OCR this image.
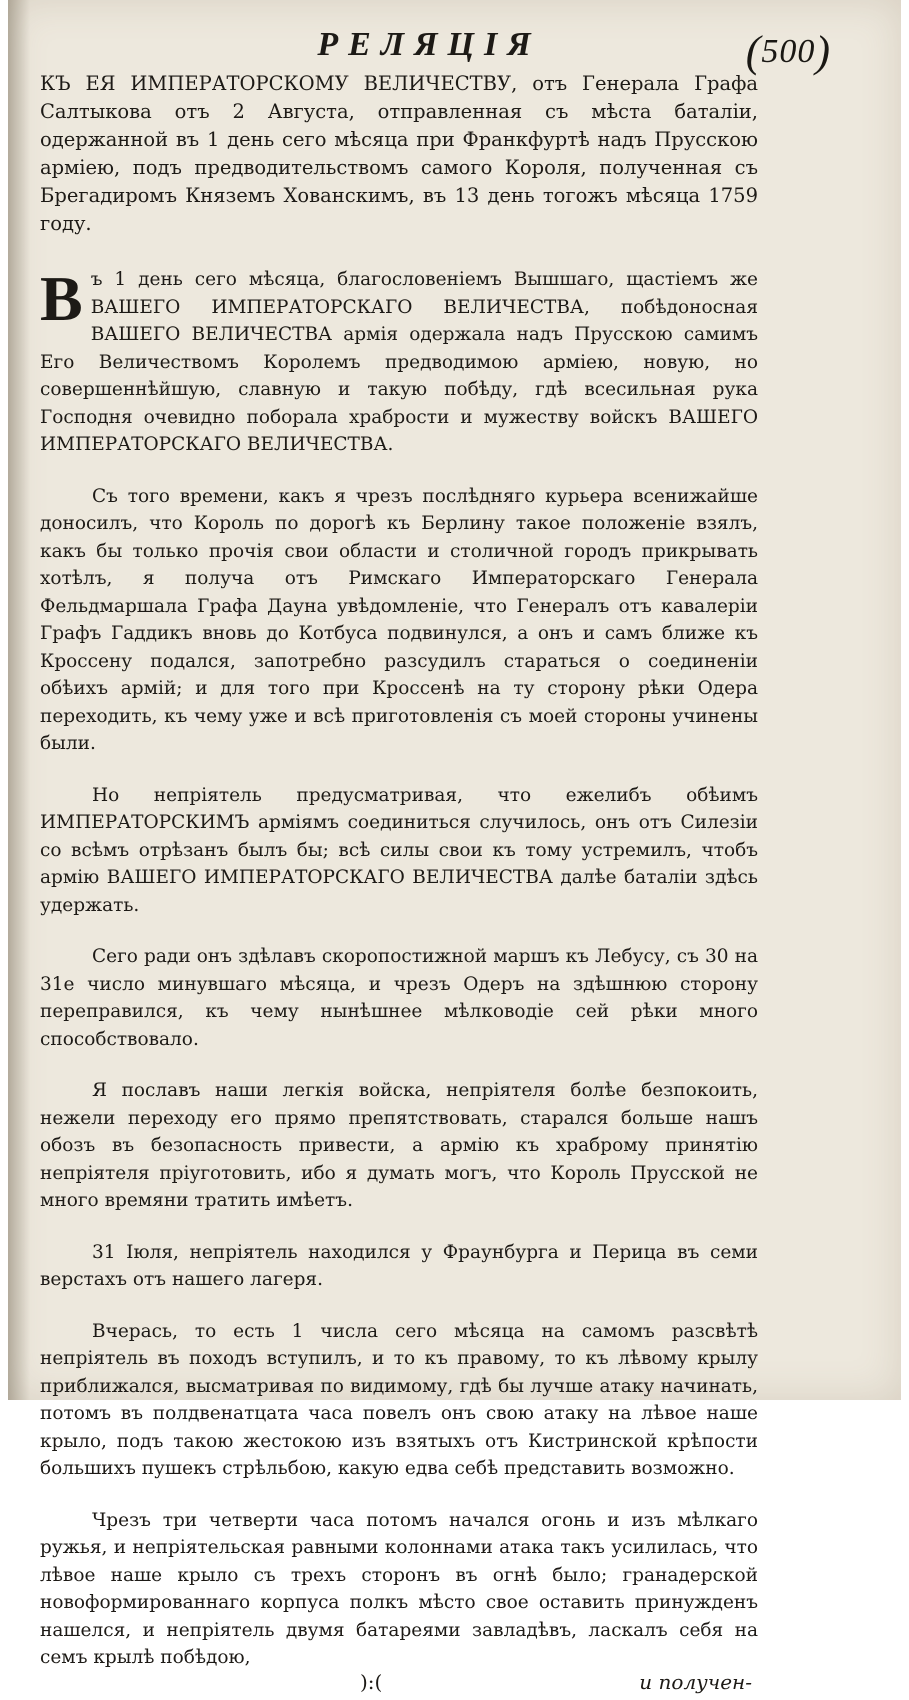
(500)
РЕЛЯЦІЯ
КЪ ЕЯ ИМПЕРАТОРСКОМУ ВЕЛИЧЕСТВУ, отъ Генерала Графа Салтыкова отъ 2 Августа, отправленная съ мѣста баталіи, одержанной въ 1 день сего мѣсяца при Франкфуртѣ надъ Прусскою арміею, подъ предводительствомъ самого Короля, полученная съ Брегадиромъ Княземъ Хованскимъ, въ 13 день тогожъ мѣсяца 1759 году.

В ъ 1 день сего мѣсяца, благословеніемъ Вышшаго, щастіемъ же ВАШЕГО ИМПЕРАТОРСКАГО ВЕЛИЧЕСТВА, побѣдоносная ВАШЕГО ВЕЛИЧЕСТВА армія одержала надъ Прусскою самимъ Его Величествомъ Королемъ предводимою арміею, новую, но совершеннѣйшую, славную и такую побѣду, гдѣ всесильная рука Господня очевидно поборала храбрости и мужеству войскъ ВАШЕГО ИМПЕРАТОРСКАГО ВЕЛИЧЕСТВА.

Съ того времени, какъ я чрезъ послѣдняго курьера всенижайше доносилъ, что Король по дорогѣ къ Берлину такое положеніе взялъ, какъ бы только прочія свои области и столичной городъ прикрывать хотѣлъ, я получа отъ Римскаго Императорскаго Генерала Фельдмаршала Графа Дауна увѣдомленіе, что Генералъ отъ кавалеріи Графъ Гаддикъ вновь до Котбуса подвинулся, а онъ и самъ ближе къ Кроссену подался, запотребно разсудилъ стараться о соединеніи обѣихъ армій; и для того при Кроссенѣ на ту сторону рѣки Одера переходить, къ чему уже и всѣ приготовленія съ моей стороны учинены были.

Но непріятель предусматривая, что ежелибъ обѣимъ ИМПЕРАТОРСКИМЪ арміямъ соединиться случилось, онъ отъ Силезіи со всѣмъ отрѣзанъ былъ бы; всѣ силы свои къ тому устремилъ, чтобъ армію ВАШЕГО ИМПЕРАТОРСКАГО ВЕЛИЧЕСТВА далѣе баталіи здѣсь удержать.

Сего ради онъ здѣлавъ скоропостижной маршъ къ Лебусу, съ 30 на 31е число минувшаго мѣсяца, и чрезъ Одеръ на здѣшнюю сторону переправился, къ чему нынѣшнее мѣлководіе сей рѣки много способствовало.

Я пославъ наши легкія войска, непріятеля болѣе безпокоить, нежели переходу его прямо препятствовать, старался больше нашъ обозъ въ безопасность привести, а армію къ храброму принятію непріятеля пріуготовить, ибо я думать могъ, что Король Прусской не много времяни тратить имѣетъ.

31 Іюля, непріятель находился у Фраунбурга и Перица въ семи верстахъ отъ нашего лагеря.

Вчерась, то есть 1 числа сего мѣсяца на самомъ разсвѣтѣ непріятель въ походъ вступилъ, и то къ правому, то къ лѣвому крылу приближался, высматривая по видимому, гдѣ бы лучше атаку начинать, потомъ въ полдвенатцата часа повелъ онъ свою атаку на лѣвое наше крыло, подъ такою жестокою изъ взятыхъ отъ Кистринской крѣпости большихъ пушекъ стрѣльбою, какую едва себѣ представить возможно.

Чрезъ три четверти часа потомъ начался огонь и изъ мѣлкаго ружья, и непріятельская равными колоннами атака такъ усилилась, что лѣвое наше крыло съ трехъ сторонъ въ огнѣ было; гранадерской новоформированнаго корпуса полкъ мѣсто свое оставить принужденъ нашелся, и непріятель двумя батареями завладѣвъ, ласкалъ себя на семъ крылѣ побѣдою,

):(	и получен-
